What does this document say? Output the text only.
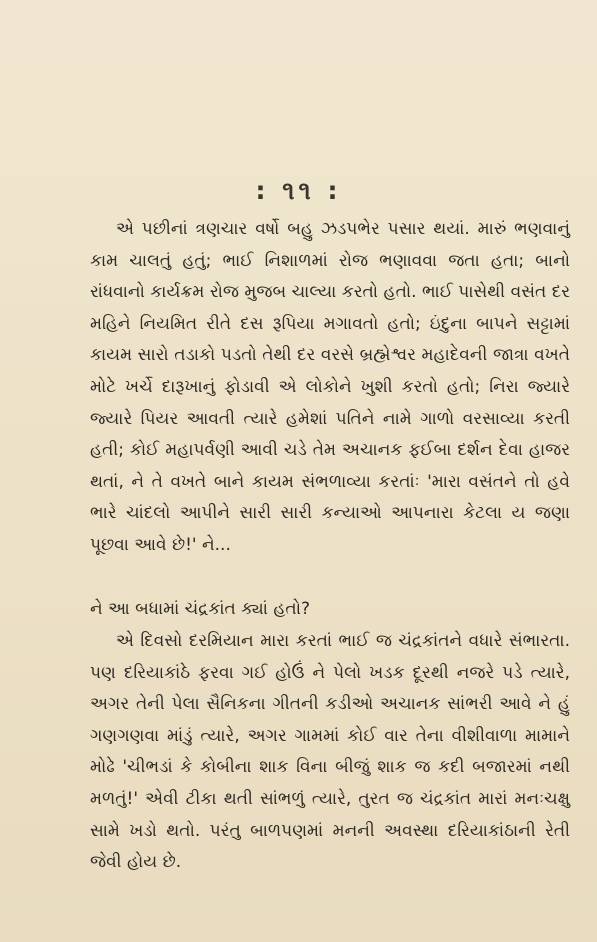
: ૧૧ :
એ પછીનાં ત્રણચાર વર્ષો બહુ ઝડપભેર પસાર થયાં. મારું ભણવાનું કામ ચાલતું હતું; ભાઈ નિશાળમાં રોજ ભણાવવા જતા હતા; બાનો રાંધવાનો કાર્યક્રમ રોજ મુજબ ચાલ્યા કરતો હતો. ભાઈ પાસેથી વસંત દર મહિને નિયમિત રીતે દસ રૂપિયા મગાવતો હતો; ઇંદુના બાપને સટ્ટામાં કાયમ સારો તડાકો પડતો તેથી દર વરસે બ્રહ્મેશ્વર મહાદેવની જાત્રા વખતે મોટે ખર્ચે દારૂખાનું ફોડાવી એ લોકોને ખુશી કરતો હતો; નિરા જ્યારે જ્યારે પિયર આવતી ત્યારે હમેશાં પતિને નામે ગાળો વરસાવ્યા કરતી હતી; કોઈ મહાપર્વણી આવી ચડે તેમ અચાનક ફઈબા દર્શન દેવા હાજર થતાં, ને તે વખતે બાને કાયમ સંભળાવ્યા કરતાંઃ 'મારા વસંતને તો હવે ભારે ચાંદલો આપીને સારી સારી કન્યાઓ આપનારા કેટલા ય જણા પૂછવા આવે છે!' ને...
ને આ બધામાં ચંદ્રકાંત ક્યાં હતો?
એ દિવસો દરમિયાન મારા કરતાં ભાઈ જ ચંદ્રકાંતને વધારે સંભારતા. પણ દરિયાકાંઠે ફરવા ગઈ હોઉં ને પેલો ખડક દૂરથી નજરે પડે ત્યારે, અગર તેની પેલા સૈનિકના ગીતની કડીઓ અચાનક સાંભરી આવે ને હું ગણગણવા માંડું ત્યારે, અગર ગામમાં કોઈ વાર તેના વીશીવાળા મામાને મોઢે 'ચીભડાં કે કોબીના શાક વિના બીજું શાક જ કદી બજારમાં નથી મળતું!' એવી ટીકા થતી સાંભળું ત્યારે, તુરત જ ચંદ્રકાંત મારાં મનઃચક્ષુ સામે ખડો થતો. પરંતુ બાળપણમાં મનની અવસ્થા દરિયાકાંઠાની રેતી જેવી હોય છે.
